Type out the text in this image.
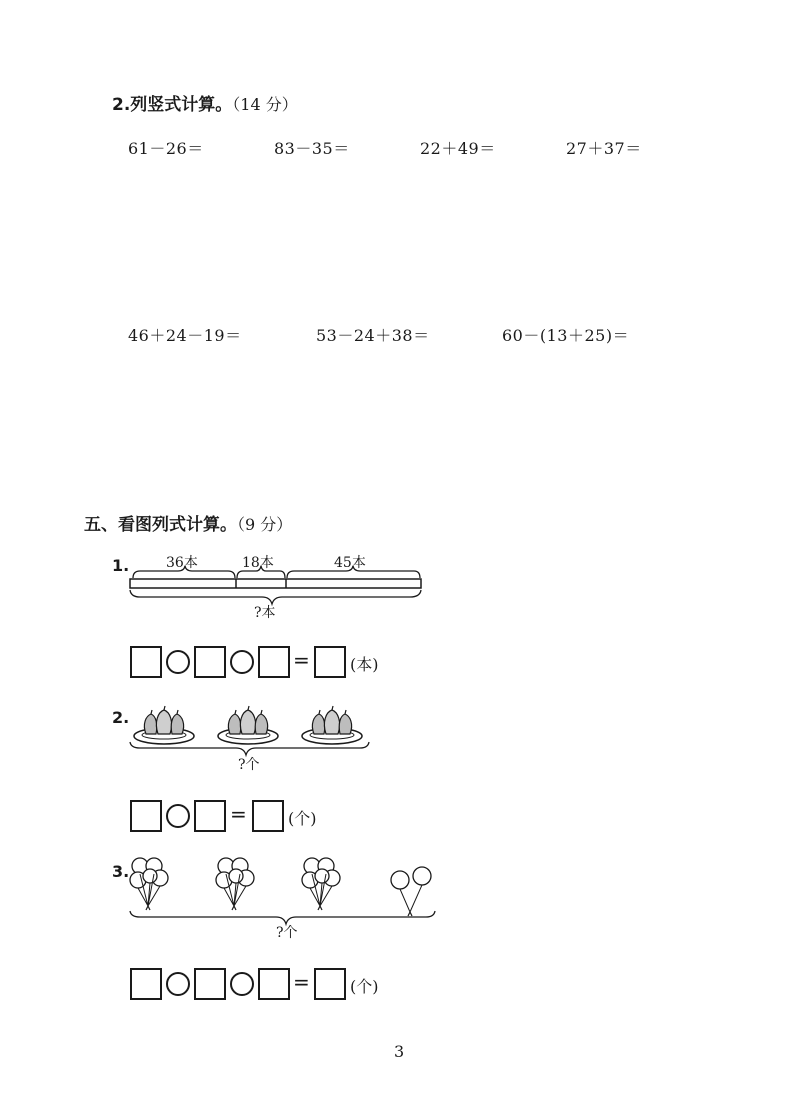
2.列竖式计算。（14 分）
61－26＝	83－35＝	22＋49＝	27＋37＝
46＋24－19＝	53－24＋38＝	60－(13＋25)＝
五、看图列式计算。（9 分）
1.	36本	18本	45本
?本
=	(本)
2.
?个
=	(个)
3.
?个
=	(个)
3
